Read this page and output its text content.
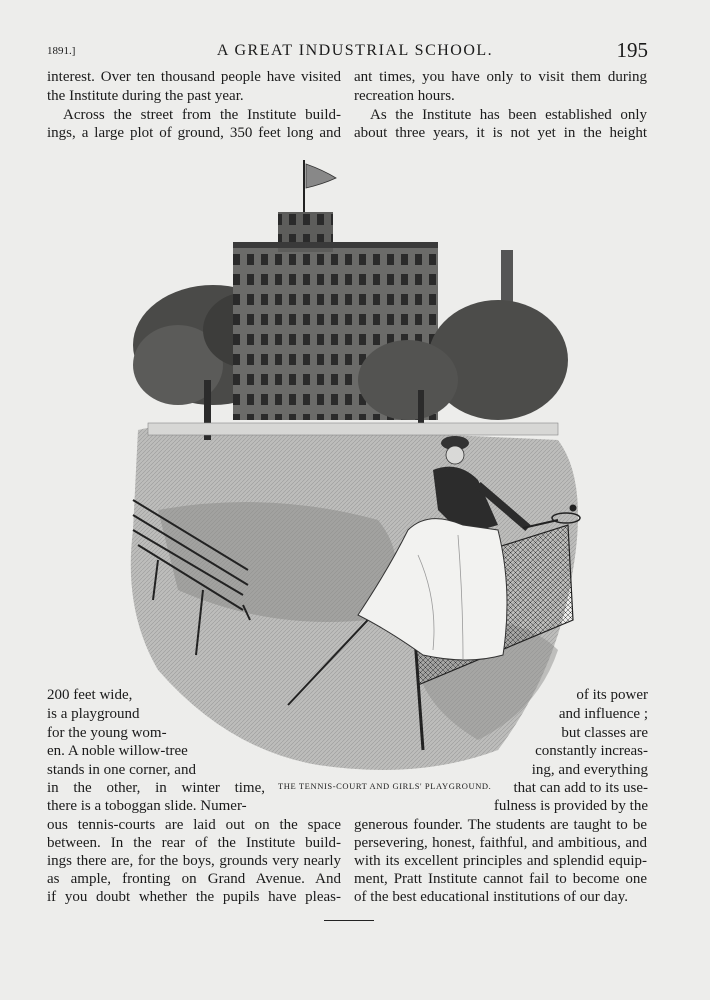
1891.]	A GREAT INDUSTRIAL SCHOOL.	195
interest. Over ten thousand people have visited
the Institute during the past year.
Across the street from the Institute build-
ings, a large plot of ground, 350 feet long and
ant times, you have only to visit them during
recreation hours.
As the Institute has been established only
about three years, it is not yet in the height
200 feet wide,
is a playground
for the young wom-
en. A noble willow-tree
stands in one corner, and
in the other, in winter time,
there is a toboggan slide. Numer-
of its power
and influence ;
but classes are
constantly increas-
ing, and everything
that can add to its use-
fulness is provided by the
THE TENNIS-COURT AND GIRLS' PLAYGROUND.
ous tennis-courts are laid out on the space
between. In the rear of the Institute build-
ings there are, for the boys, grounds very nearly
as ample, fronting on Grand Avenue. And
if you doubt whether the pupils have pleas-
generous founder. The students are taught to be
persevering, honest, faithful, and ambitious, and
with its excellent principles and splendid equip-
ment, Pratt Institute cannot fail to become one
of the best educational institutions of our day.
